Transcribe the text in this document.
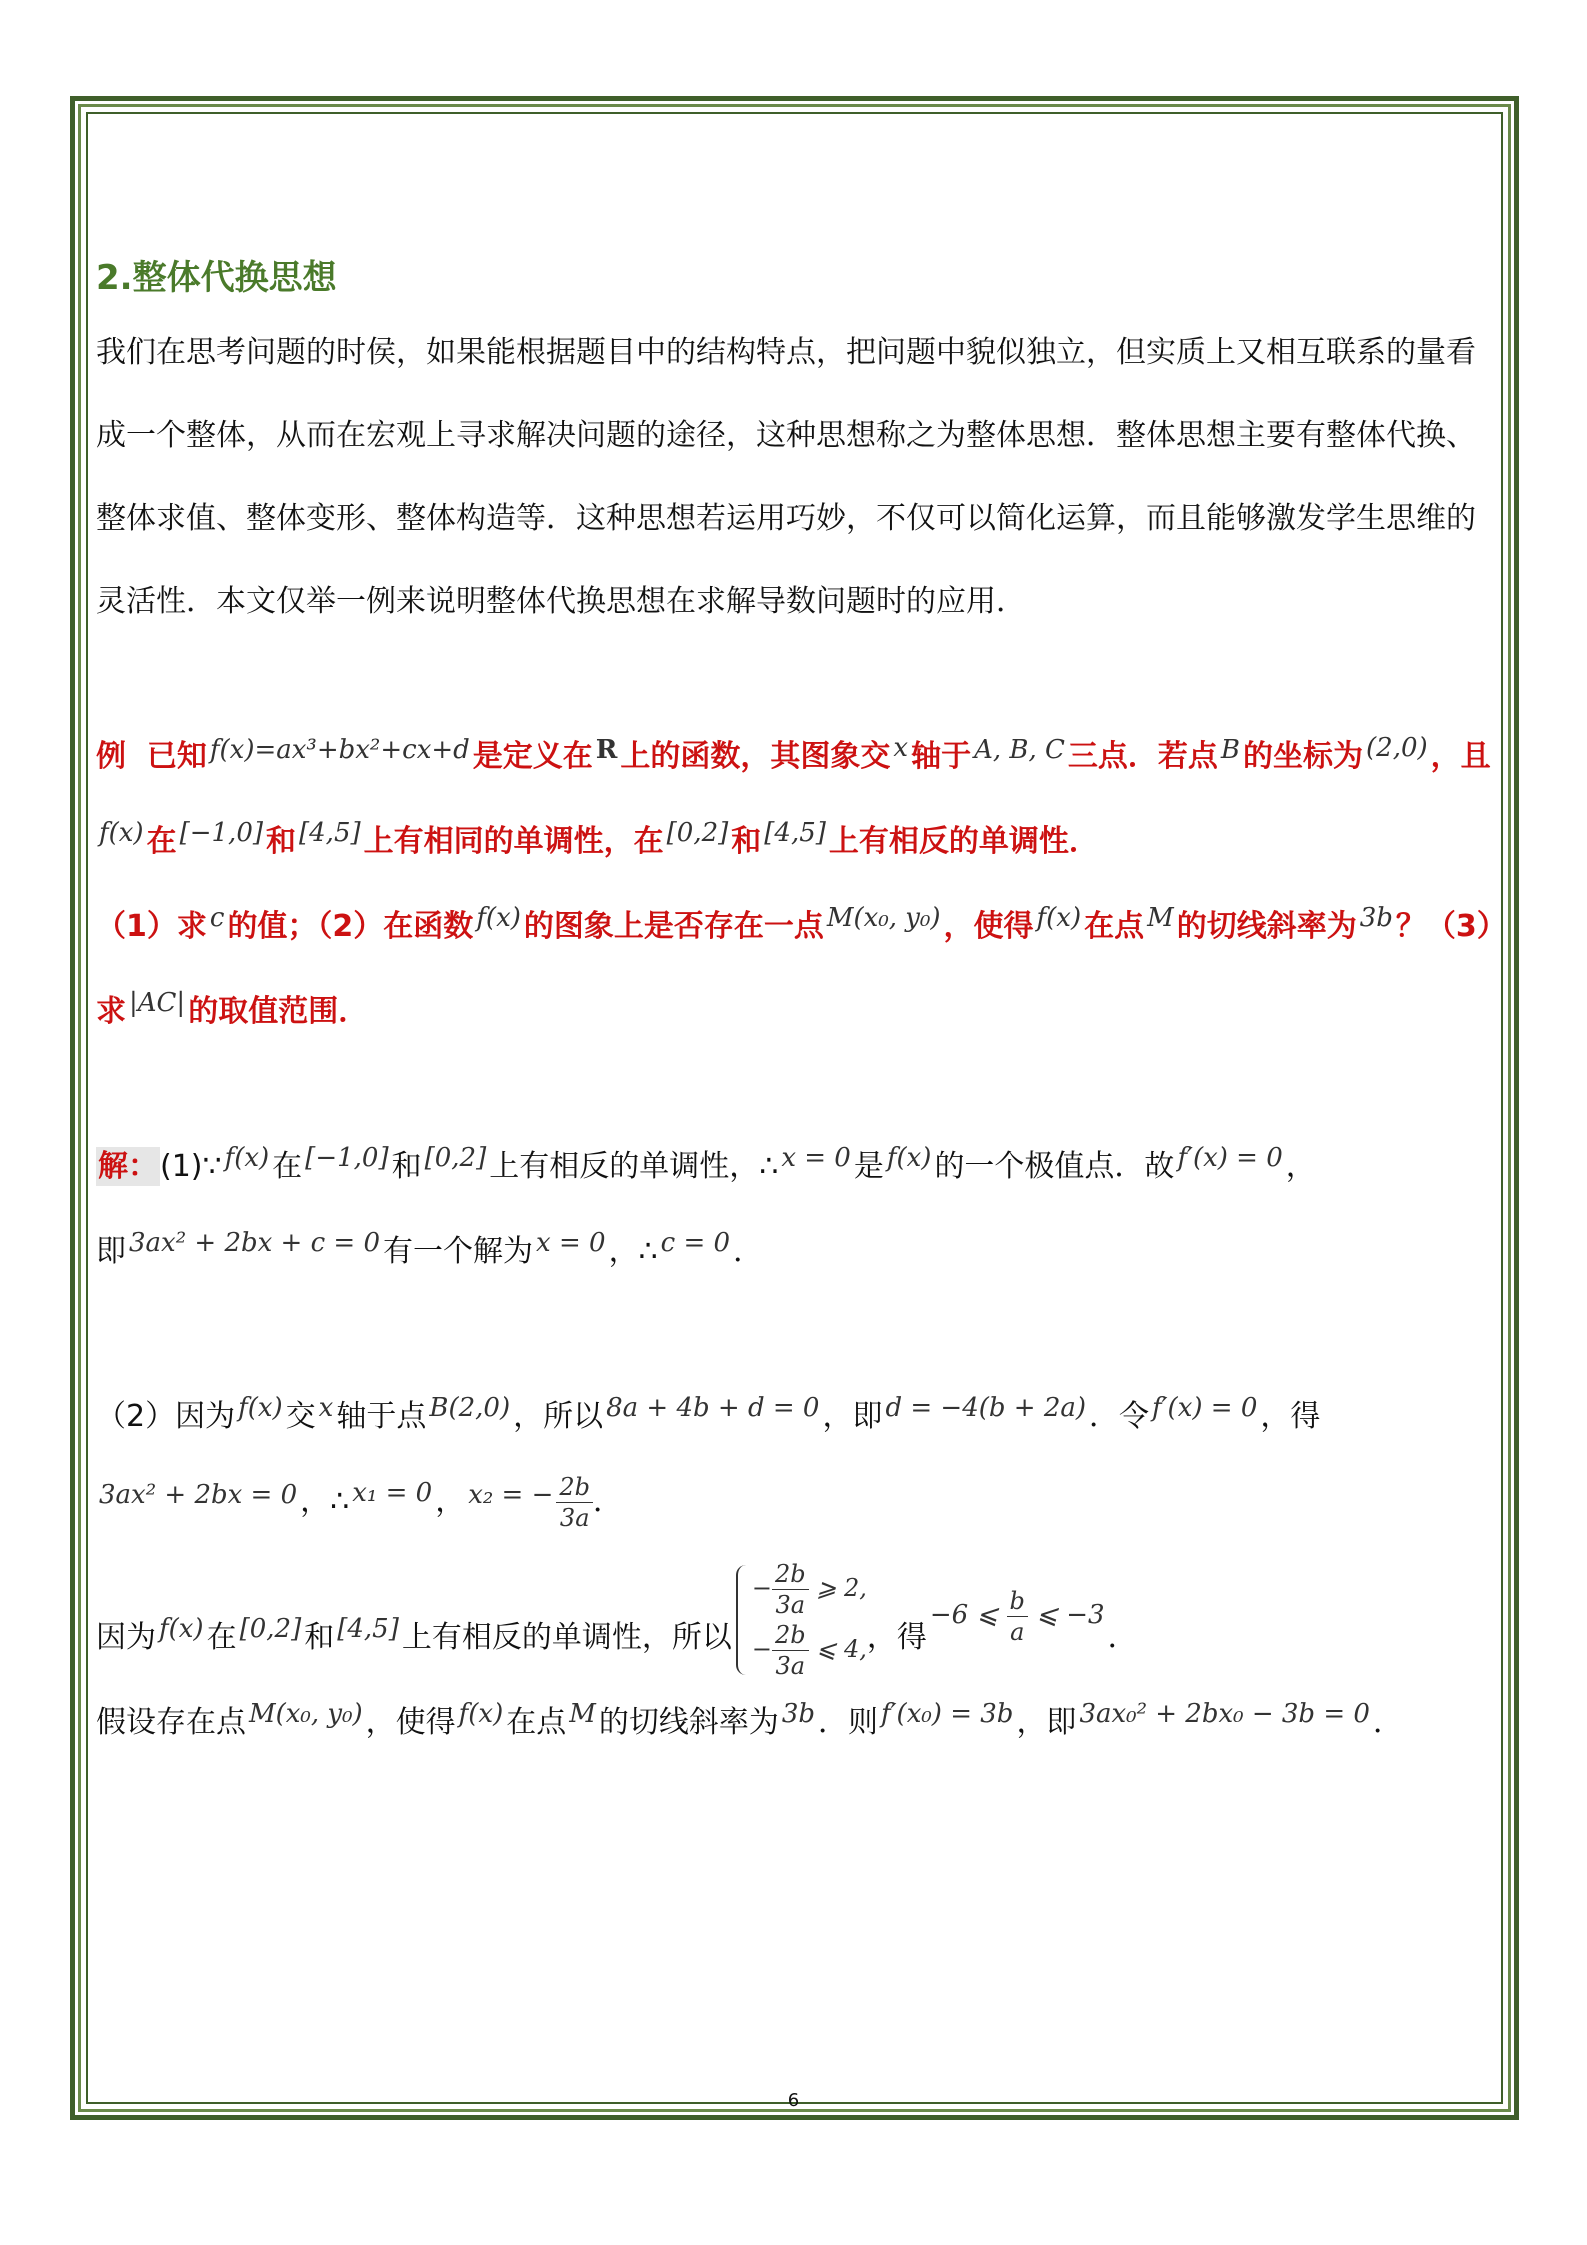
2.整体代换思想

我们在思考问题的时侯，如果能根据题目中的结构特点，把问题中貌似独立，但实质上又相互联系的量看成一个整体，从而在宏观上寻求解决问题的途径，这种思想称之为整体思想．整体思想主要有整体代换、整体求值、整体变形、整体构造等．这种思想若运用巧妙，不仅可以简化运算，而且能够激发学生思维的灵活性．本文仅举一例来说明整体代换思想在求解导数问题时的应用．

例 已知 f(x)=ax³+bx²+cx+d 是定义在 R 上的函数，其图象交 x 轴于 A, B, C 三点．若点 B 的坐标为 (2,0) ，且f(x) 在 [−1,0] 和 [4,5] 上有相同的单调性，在 [0,2] 和 [4,5] 上有相反的单调性．
（1）求 c 的值；（2）在函数 f(x) 的图象上是否存在一点 M(x₀, y₀) ，使得 f(x) 在点 M 的切线斜率为 3b ？（3）求 |AC| 的取值范围．
解：(1)∵ f(x) 在 [−1,0] 和 [0,2] 上有相反的单调性，∴ x = 0 是 f(x) 的一个极值点．故 f′(x) = 0 ，
即 3ax² + 2bx + c = 0 有一个解为 x = 0 ，∴ c = 0 ．
（2）因为 f(x) 交 x 轴于点 B(2,0) ，所以 8a + 4b + d = 0 ，即 d = −4(b + 2a) ．令 f′(x) = 0 ，得
3ax² + 2bx = 0 ，∴ x₁ = 0 ， x₂ = − $\frac{2b}{3a}$ ．
因为 f(x) 在 [0,2] 和 [4,5] 上有相反的单调性，所以
− $\frac{2b}{3a}$ ⩾ 2,
− $\frac{2b}{3a}$ ⩽ 4, ，得−6 ⩽ $\frac{b}{a}$ ⩽ −3．
假设存在点 M(x₀, y₀) ，使得 f(x) 在点 M 的切线斜率为 3b ．则 f′(x₀) = 3b ，即 3ax₀² + 2bx₀ − 3b = 0 ．
6
